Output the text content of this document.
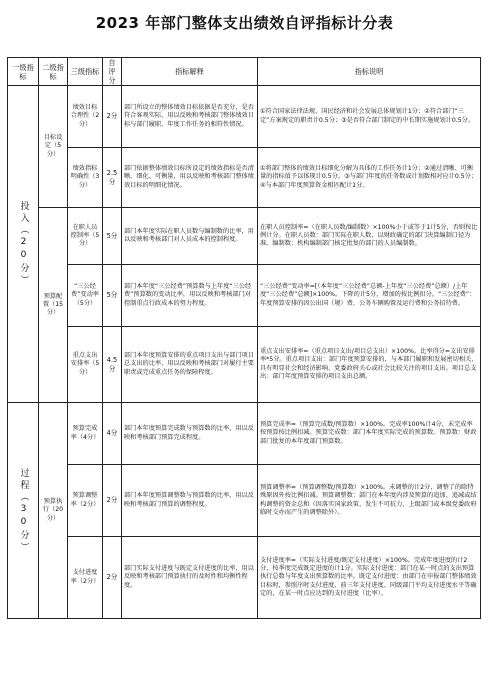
2023 年部门整体支出绩效自评指标计分表
一级指标	二级指标	三级指标	自评分	指标解释	指标说明

投入（20分）	目标设定（5分）	绩效目标合理性（2分）	2分	部门所设立的整体绩效目标依据是否充分，是否符合客观实际，用以反映和考核部门整体绩效目标与部门履职、年度工作任务的相符性情况。	①符合国家法律法规、国民经济和社会发展总体规划计1分；②符合部门“三定”方案规定的职责计0.5分；③是否符合部门制定的中长期实施规划计0.5分。
		绩效指标明确性（3分）	2.5分	部门依据整体绩效目标所设定的绩效指标是否清晰、细化、可衡量，用以反映和考核部门整体绩效目标的明细化情况。	①将部门整体的绩效目标细化分解为具体的工作任务计1分；②通过清晰、可衡量的指标值予以体现计0.5分。③与部门年度的任务数或计划数相对应计0.5分；④与本部门年度预算资金相匹配计1分。
	预算配置（15分）	在职人员控制率（5分）	5分	部门本年度实际在职人员数与编制数的比率，用以反映和考核部门对人员成本的控制程度。	在职人员控制率=（在职人员数/编制数）×100%小于或等于1计5分，否则按比例计分。在职人员数：部门实际在职人数，以财政确定的部门决算编制口径为准。编制数：机构编制部门核定批复的部门的人员编制数。
		“三公经费”变动率（5分）	5分	部门本年度“三公经费”预算数与上年度“三公经费”预算数的变动比率，用以反映和考核部门对控制重点行政成本的努力程度。	“三公经费”变动率=[（本年度“三公经费”总额-上年度“三公经费”总额）/上年度“三公经费”总额]×100%。下降的计5分，增加的按比例扣分。“三公经费”：年度预算安排的因公出国（境）费、公务车辆购置及运行费和公务招待费。
		重点支出安排率（5分）	4.5分	部门本年度预算安排的重点项目支出与部门项目总支出的比率，用以反映和考核部门对履行主要职责或完成重点任务的保障程度。	重点支出安排率=（重点项目支出/项目总支出）×100%。比率得分=支出安排率*5分。重点项目支出：部门年度预算安排的，与本部门履职和发展密切相关、具有明显社会和经济影响、党委政府关心或社会比较关注的项目支出。项目总支出：部门年度预算安排的项目支出总额。

过程（30分）	预算执行（20分）	预算完成率（4分）	4分	部门本年度预算完成数与预算数的比率，用以反映和考核部门预算完成程度。	预算完成率=（预算完成数/预算数）×100%。完成率100%计4分，未完成率按预算按比例扣减。预算完成数：部门本年度实际完成的预算数。预算数：财政部门批复的本年度部门预算数。
		预算调整率（2分）	2分	部门本年度预算调整数与预算数的比率，用以反映和考核部门预算的调整程度。	预算调整率=（预算调整数/预算数）×100%。未调整的计2分，调整了的除特殊原因外按比例扣减。预算调整数：部门在本年度内涉及预算的追加、追减或结构调整的资金总和（因落实国家政策、发生不可抗力、上级部门或本级党委政府临时交办而产生的调整除外）。
		支付进度率（2分）	2分	部门实际支付进度与既定支付进度的比率，用以反映和考核部门预算执行的及时性和均衡性程度。	支付进度率=（实际支付进度/既定支付进度）×100%。完成年度进度的计2分，按季度完成既定进度的计1分。实际支付进度：部门在某一时点的支出预算执行总数与年度支出预算数的比率。既定支付进度：由部门在申报部门整体绩效目标时，参照序时支付进度、前三年支付进度、同级部门平均支付进度水平等确定的，在某一时点应达到的支付进度（比率）。
